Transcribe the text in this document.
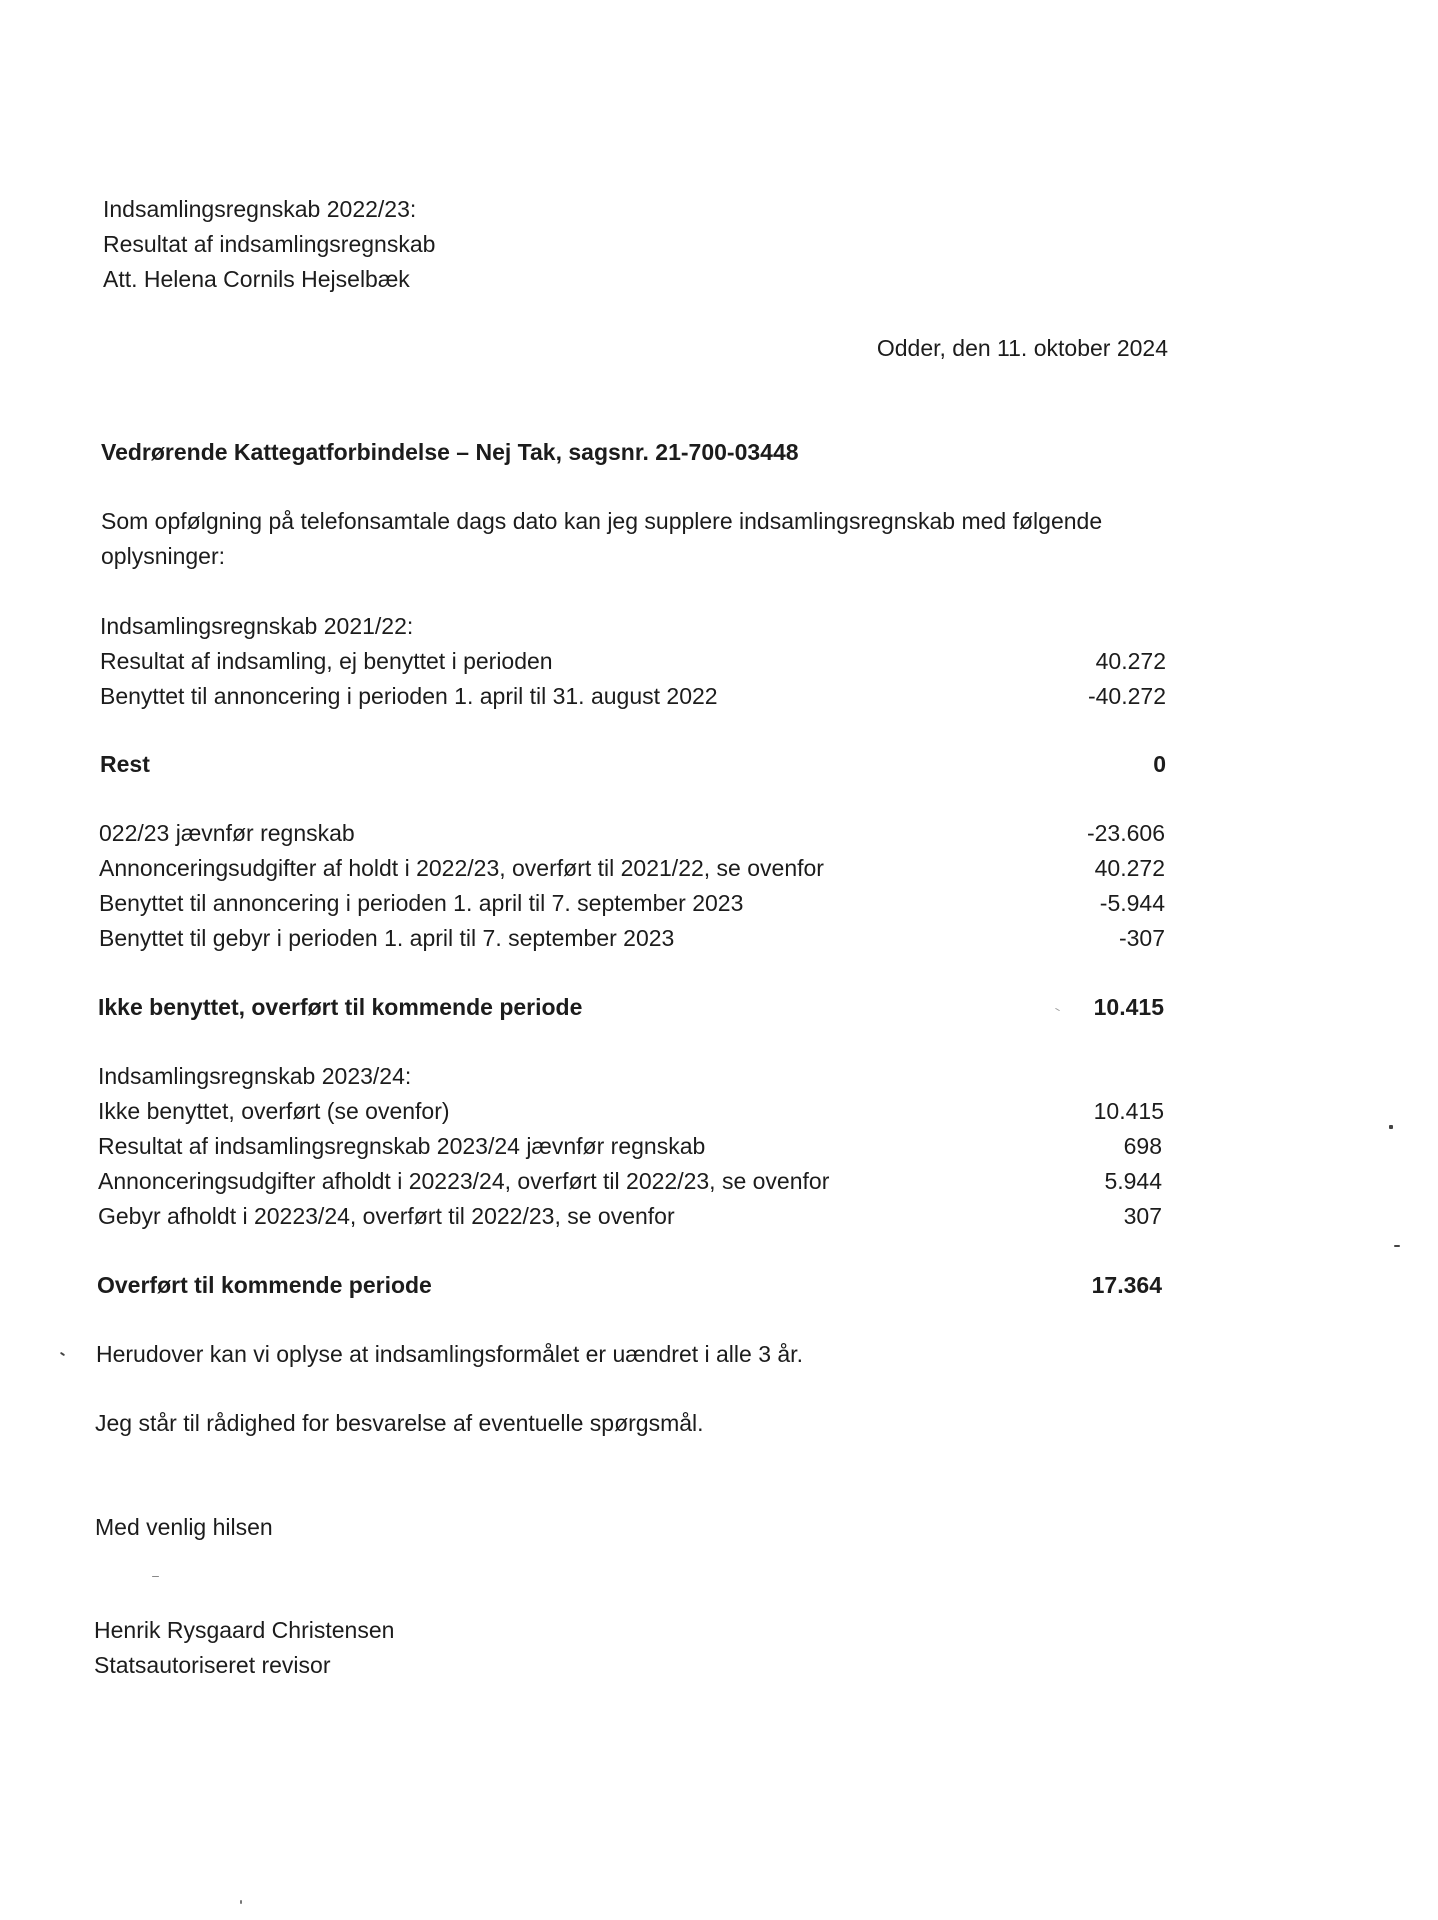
Indsamlingsregnskab 2022/23:
Resultat af indsamlingsregnskab
Att. Helena Cornils Hejselbæk
Odder, den 11. oktober 2024
Vedrørende Kattegatforbindelse – Nej Tak, sagsnr. 21-700-03448
Som opfølgning på telefonsamtale dags dato kan jeg supplere indsamlingsregnskab med følgende
oplysninger:
Indsamlingsregnskab 2021/22:
Resultat af indsamling, ej benyttet i perioden	40.272
Benyttet til annoncering i perioden 1. april til 31. august 2022	-40.272
Rest	0
022/23 jævnfør regnskab	-23.606
Annonceringsudgifter af holdt i 2022/23, overført til 2021/22, se ovenfor	40.272
Benyttet til annoncering i perioden 1. april til 7. september 2023	-5.944
Benyttet til gebyr i perioden 1. april til 7. september 2023	-307
Ikke benyttet, overført til kommende periode	10.415
Indsamlingsregnskab 2023/24:
Ikke benyttet, overført (se ovenfor)	10.415
Resultat af indsamlingsregnskab 2023/24 jævnfør regnskab	698
Annonceringsudgifter afholdt i 20223/24, overført til 2022/23, se ovenfor	5.944
Gebyr afholdt i 20223/24, overført til 2022/23, se ovenfor	307
Overført til kommende periode	17.364
Herudover kan vi oplyse at indsamlingsformålet er uændret i alle 3 år.
Jeg står til rådighed for besvarelse af eventuelle spørgsmål.
Med venlig hilsen
Henrik Rysgaard Christensen
Statsautoriseret revisor
